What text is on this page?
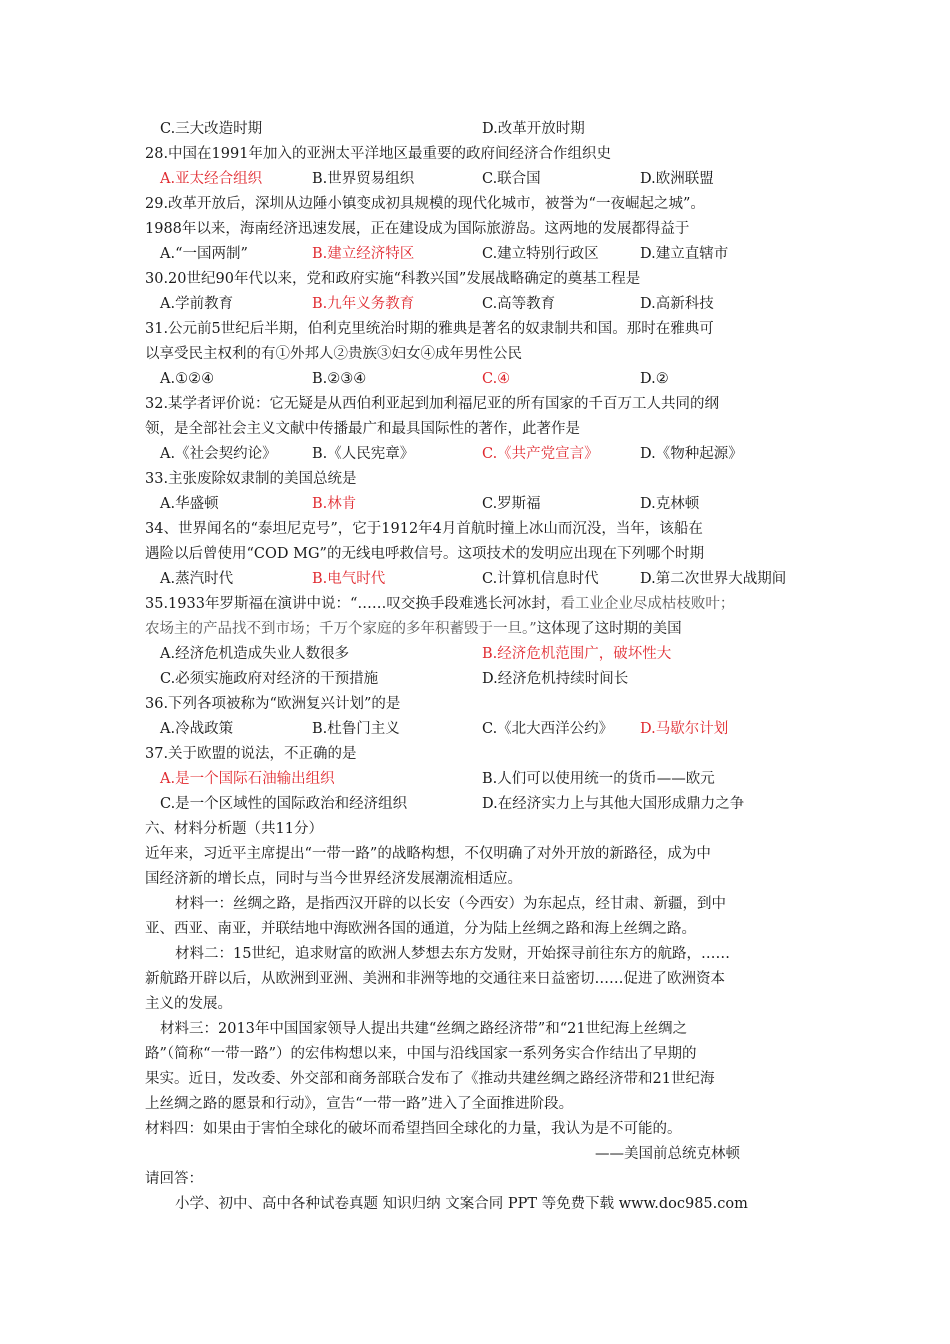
C.三大改造时期	D.改革开放时期
28.中国在1991年加入的亚洲太平洋地区最重要的政府间经济合作组织史
A.亚太经合组织	B.世界贸易组织	C.联合国	D.欧洲联盟
29.改革开放后，深圳从边陲小镇变成初具规模的现代化城市，被誉为“一夜崛起之城”。
1988年以来，海南经济迅速发展，正在建设成为国际旅游岛。这两地的发展都得益于
A.“一国两制”	B.建立经济特区	C.建立特别行政区	D.建立直辖市
30.20世纪90年代以来，党和政府实施“科教兴国”发展战略确定的奠基工程是
A.学前教育	B.九年义务教育	C.高等教育	D.高新科技
31.公元前5世纪后半期，伯利克里统治时期的雅典是著名的奴隶制共和国。那时在雅典可
以享受民主权利的有①外邦人②贵族③妇女④成年男性公民
A.①②④	B.②③④	C.④	D.②
32.某学者评价说：它无疑是从西伯利亚起到加利福尼亚的所有国家的千百万工人共同的纲
领，是全部社会主义文献中传播最广和最具国际性的著作，此著作是
A.《社会契约论》 B.《人民宪章》	C.《共产党宣言》	D.《物种起源》
33.主张废除奴隶制的美国总统是
A.华盛顿	B.林肯	C.罗斯福	D.克林顿
34、世界闻名的“泰坦尼克号”，它于1912年4月首航时撞上冰山而沉没，当年，该船在
遇险以后曾使用“COD MG”的无线电呼救信号。这项技术的发明应出现在下列哪个时期
A.蒸汽时代	B.电气时代	C.计算机信息时代	D.第二次世界大战期间
35.1933年罗斯福在演讲中说：“……叹交换手段难逃长河冰封，看工业企业尽成枯枝败叶；
农场主的产品找不到市场；千万个家庭的多年积蓄毁于一旦。”这体现了这时期的美国
A.经济危机造成失业人数很多	B.经济危机范围广，破坏性大
C.必须实施政府对经济的干预措施	D.经济危机持续时间长
36.下列各项被称为“欧洲复兴计划”的是
A.冷战政策	B.杜鲁门主义	C.《北大西洋公约》 D.马歇尔计划
37.关于欧盟的说法，不正确的是
A.是一个国际石油输出组织	B.人们可以使用统一的货币——欧元
C.是一个区域性的国际政治和经济组织	D.在经济实力上与其他大国形成鼎力之争
六、材料分析题（共11分）
近年来，习近平主席提出“一带一路”的战略构想，不仅明确了对外开放的新路径，成为中
国经济新的增长点，同时与当今世界经济发展潮流相适应。
材料一：丝绸之路，是指西汉开辟的以长安（今西安）为东起点，经甘肃、新疆，到中
亚、西亚、南亚，并联结地中海欧洲各国的通道，分为陆上丝绸之路和海上丝绸之路。
材料二：15世纪，追求财富的欧洲人梦想去东方发财，开始探寻前往东方的航路，……
新航路开辟以后，从欧洲到亚洲、美洲和非洲等地的交通往来日益密切……促进了欧洲资本
主义的发展。
材料三：2013年中国国家领导人提出共建“丝绸之路经济带”和“21世纪海上丝绸之
路”（简称“一带一路”）的宏伟构想以来，中国与沿线国家一系列务实合作结出了早期的
果实。近日，发改委、外交部和商务部联合发布了《推动共建丝绸之路经济带和21世纪海
上丝绸之路的愿景和行动》，宣告“一带一路”进入了全面推进阶段。
材料四：如果由于害怕全球化的破坏而希望挡回全球化的力量，我认为是不可能的。
——美国前总统克林顿
请回答：
小学、初中、高中各种试卷真题 知识归纳 文案合同 PPT 等免费下载 www.doc985.com
